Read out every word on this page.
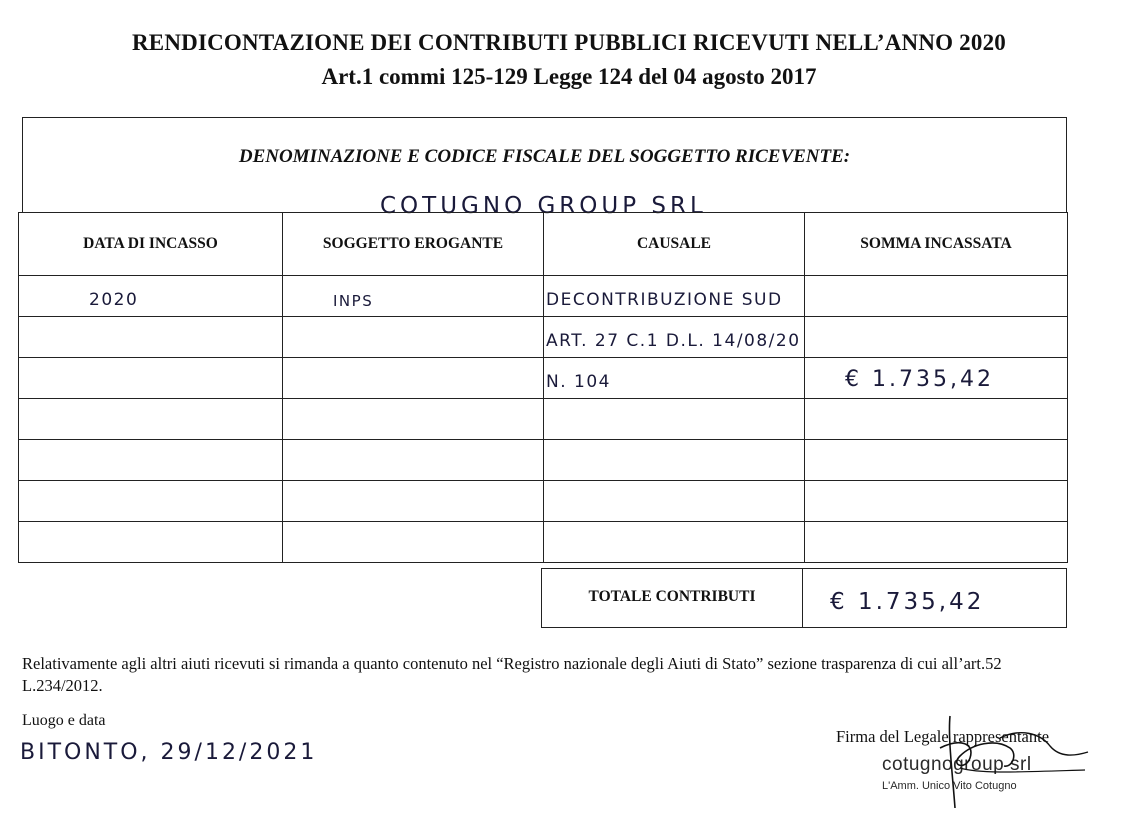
RENDICONTAZIONE DEI CONTRIBUTI PUBBLICI RICEVUTI NELL’ANNO 2020
Art.1 commi 125-129 Legge 124 del 04 agosto 2017
DENOMINAZIONE E CODICE FISCALE DEL SOGGETTO RICEVENTE:
COTUGNO GROUP SRL
DATA DI INCASSO	SOGGETTO EROGANTE	CAUSALE	SOMMA INCASSATA

2020	INPS	DECONTRIBUZIONE SUD	

		ART. 27 C.1 D.L. 14/08/20	

		N. 104	€ 1.735,42

TOTALE CONTRIBUTI	€ 1.735,42
Relativamente agli altri aiuti ricevuti si rimanda a quanto contenuto nel “Registro nazionale degli Aiuti di Stato” sezione trasparenza di cui all’art.52 L.234/2012.
Luogo e data
BITONTO, 29/12/2021
Firma del Legale rappresentante
cotugnogroup srl
L'Amm. Unico Vito Cotugno
